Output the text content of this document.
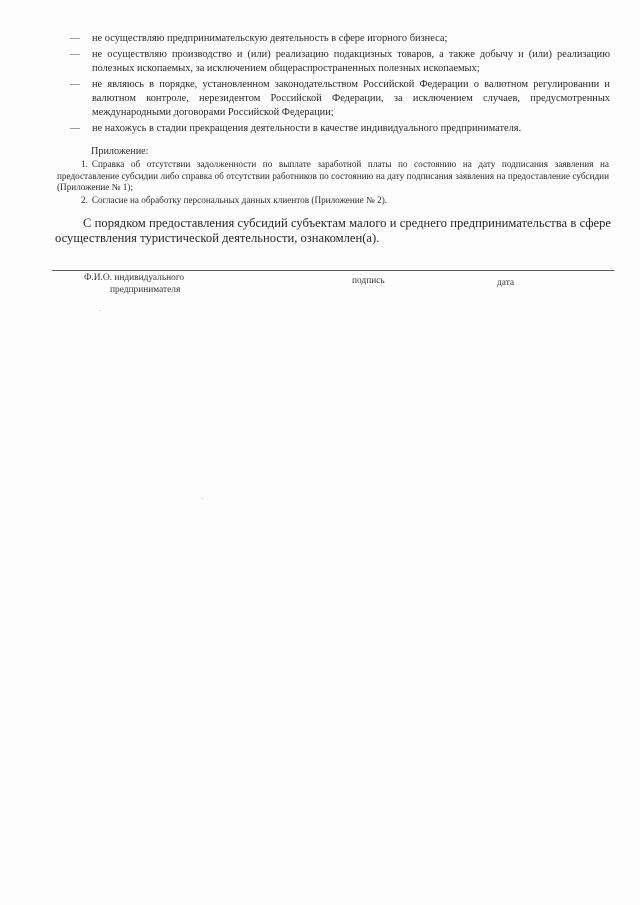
— не осуществляю предпринимательскую деятельность в сфере игорного бизнеса;
— не осуществляю производство и (или) реализацию подакцизных товаров, а также добычу и (или) реализацию полезных ископаемых, за исключением общераспространенных полезных ископаемых;
— не являюсь в порядке, установленном законодательством Российской Федерации о валютном регулировании и валютном контроле, нерезидентом Российской Федерации, за исключением случаев, предусмотренных международными договорами Российской Федерации;
— не нахожусь в стадии прекращения деятельности в качестве индивидуального предпринимателя.

Приложение:

1. Справка об отсутствии задолженности по выплате заработной платы по состоянию на дату подписания заявления на предоставление субсидии либо справка об отсутствии работников по состоянию на дату подписания заявления на предоставление субсидии (Приложение № 1);
2. Согласие на обработку персональных данных клиентов (Приложение № 2).

С порядком предоставления субсидий субъектам малого и среднего предпринимательства в сфере осуществления туристической деятельности, ознакомлен(а).

Ф.И.О. индивидуального
предпринимателя
подпись	дата
